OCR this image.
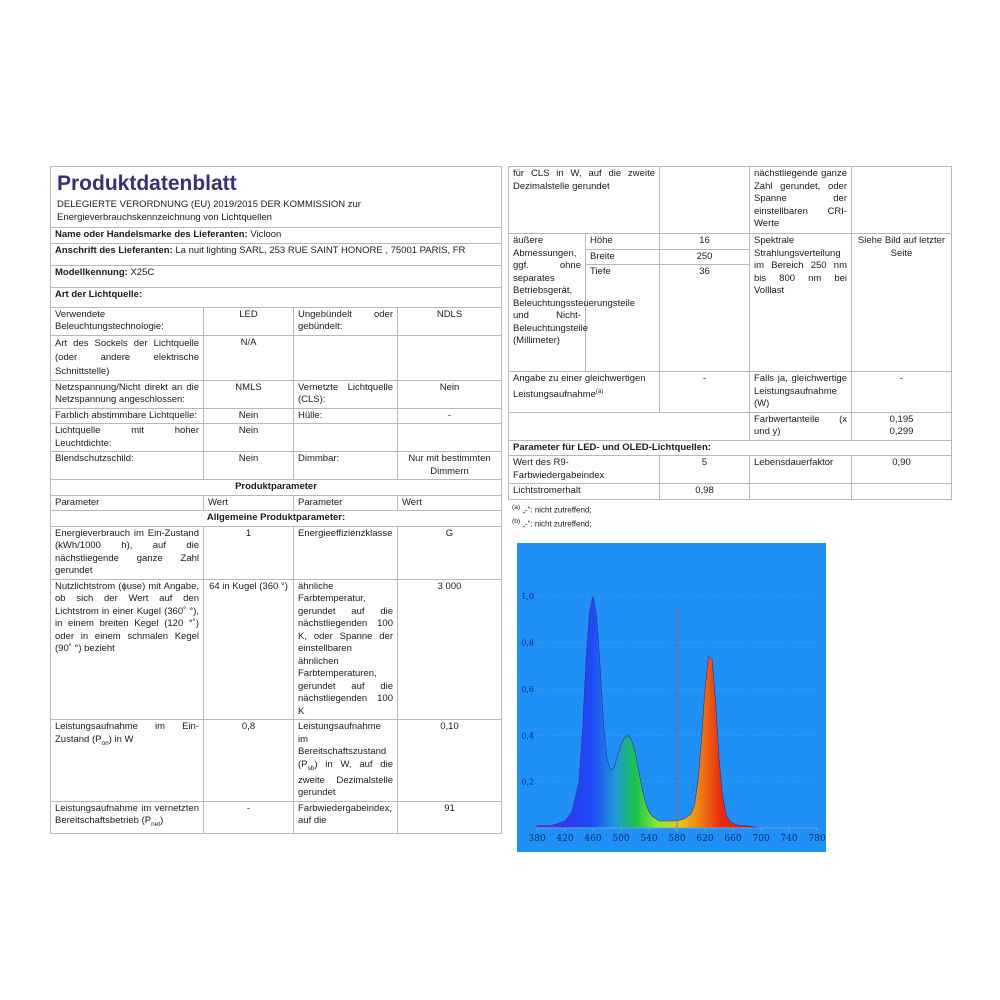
Produktdatenblatt
DELEGIERTE VERORDNUNG (EU) 2019/2015 DER KOMMISSION zur Energieverbrauchskennzeichnung von Lichtquellen			

Name oder Handelsmarke des Lieferanten: Vicloon			
Anschrift des Lieferanten: La nuit lighting SARL, 253 RUE SAINT HONORE , 75001 PARIS, FR			
Modellkennung: X25C			
Art der Lichtquelle:			
Verwendete Beleuchtungstechnologie:	LED	Ungebündelt oder gebündelt:	NDLS
Art des Sockels der Lichtquelle (oder andere elektrische Schnittstelle)	N/A		
Netzspannung/Nicht direkt an die Netzspannung angeschlossen:	NMLS	Vernetzte Lichtquelle (CLS):	Nein
Farblich abstimmbare Lichtquelle:	Nein	Hülle:	-
Lichtquelle mit hoher Leuchtdichte:	Nein		
Blendschutzschild:	Nein	Dimmbar:	Nur mit bestimmten Dimmern
Produktparameter			
Parameter	Wert	Parameter	Wert
Allgemeine Produktparameter:			
Energieverbrauch im Ein-Zustand (kWh/1000 h), auf die nächstliegende ganze Zahl gerundet	1	Energieeffizienzklasse	G
Nutzlichtstrom (ϕuse) mit Angabe, ob sich der Wert auf den Lichtstrom in einer Kugel (360˚ °), in einem breiten Kegel (120 °˚) oder in einem schmalen Kegel (90˚ °) bezieht	64 in Kugel (360 °)	ähnliche Farbtemperatur, gerundet auf die nächstliegenden 100 K, oder Spanne der einstellbaren ähnlichen Farbtemperaturen, gerundet auf die nächstliegenden 100 K	3 000
Leistungsaufnahme im Ein-Zustand $(P_{on})$ in W	0,8	Leistungsaufnahme im Bereitschaftszustand $(P_{sb})$ in W, auf die zweite Dezimalstelle gerundet	0,10
Leistungsaufnahme im vernetzten Bereitschaftsbetrieb $(P_{net})$	-	Farbwiedergabeindex, auf die	91
für CLS in W, auf die zweite Dezimalstelle gerundet			nächstliegende ganze Zahl gerundet, oder Spanne der einstellbaren CRI-Werte	
äußere Abmessungen, ggf. ohne separates Betriebsgerät, Beleuchtungssteuerungsteile und Nicht-Beleuchtungsteile (Millimeter)	Höhe	16	Spektrale Strahlungsverteilung im Bereich 250 nm bis 800 nm bei Volllast	Siehe Bild auf letzter Seite
	Breite	250		
	Tiefe	36		
Angabe zu einer gleichwertigen Leistungsaufnahme$^{(a)}$		-	Falls ja, gleichwertige Leistungsaufnahme (W)	-
			Farbwertanteile (x und y)	0,195
0,299

Parameter für LED- und OLED-Lichtquellen:				
Wert des R9-Farbwiedergabeindex		5	Lebensdauerfaktor	0,90
Lichtstromerhalt		0,98		
$^{(a)}$ „-“: nicht zutreffend;
$^{(b)}$ „-“: nicht zutreffend;
380 420 460 500 540 580 620 660 700 740 780
0,2
0,4
0,6
0,8
1,0
